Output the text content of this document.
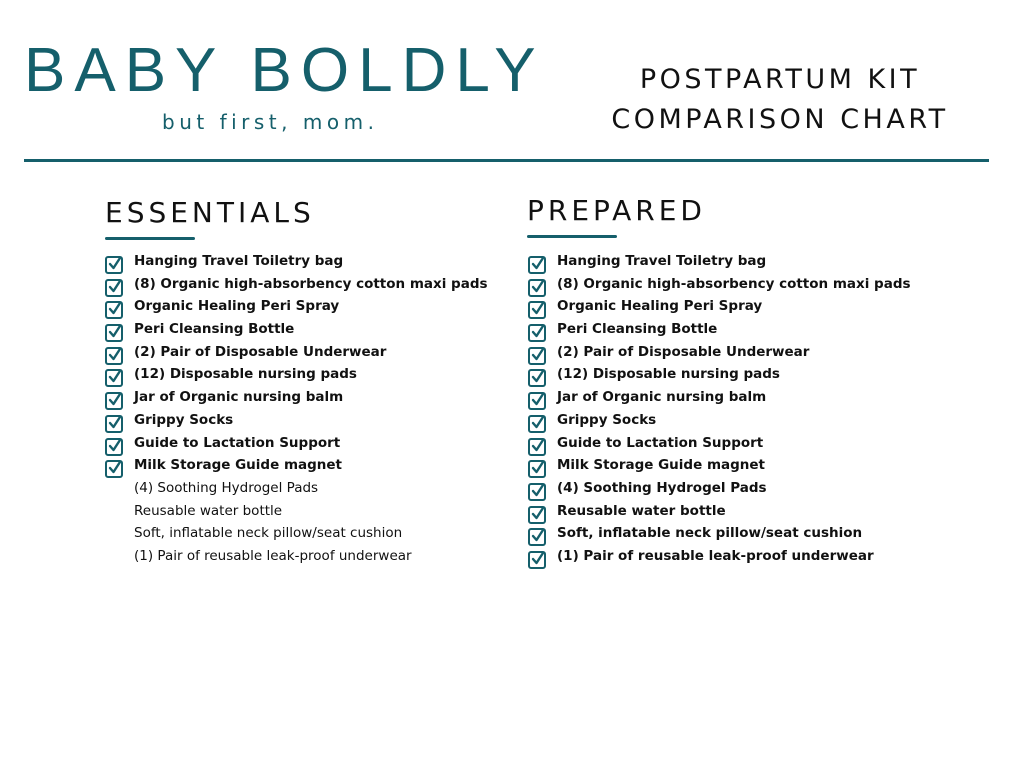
BABY BOLDLY
but first, mom.
POSTPARTUM KIT
COMPARISON CHART
ESSENTIALS
Hanging Travel Toiletry bag
(8) Organic high-absorbency cotton maxi pads
Organic Healing Peri Spray
Peri Cleansing Bottle
(2) Pair of Disposable Underwear
(12) Disposable nursing pads
Jar of Organic nursing balm
Grippy Socks
Guide to Lactation Support
Milk Storage Guide magnet
(4) Soothing Hydrogel Pads
Reusable water bottle
Soft, inflatable neck pillow/seat cushion
(1) Pair of reusable leak-proof underwear
PREPARED
Hanging Travel Toiletry bag
(8) Organic high-absorbency cotton maxi pads
Organic Healing Peri Spray
Peri Cleansing Bottle
(2) Pair of Disposable Underwear
(12) Disposable nursing pads
Jar of Organic nursing balm
Grippy Socks
Guide to Lactation Support
Milk Storage Guide magnet
(4) Soothing Hydrogel Pads
Reusable water bottle
Soft, inflatable neck pillow/seat cushion
(1) Pair of reusable leak-proof underwear
